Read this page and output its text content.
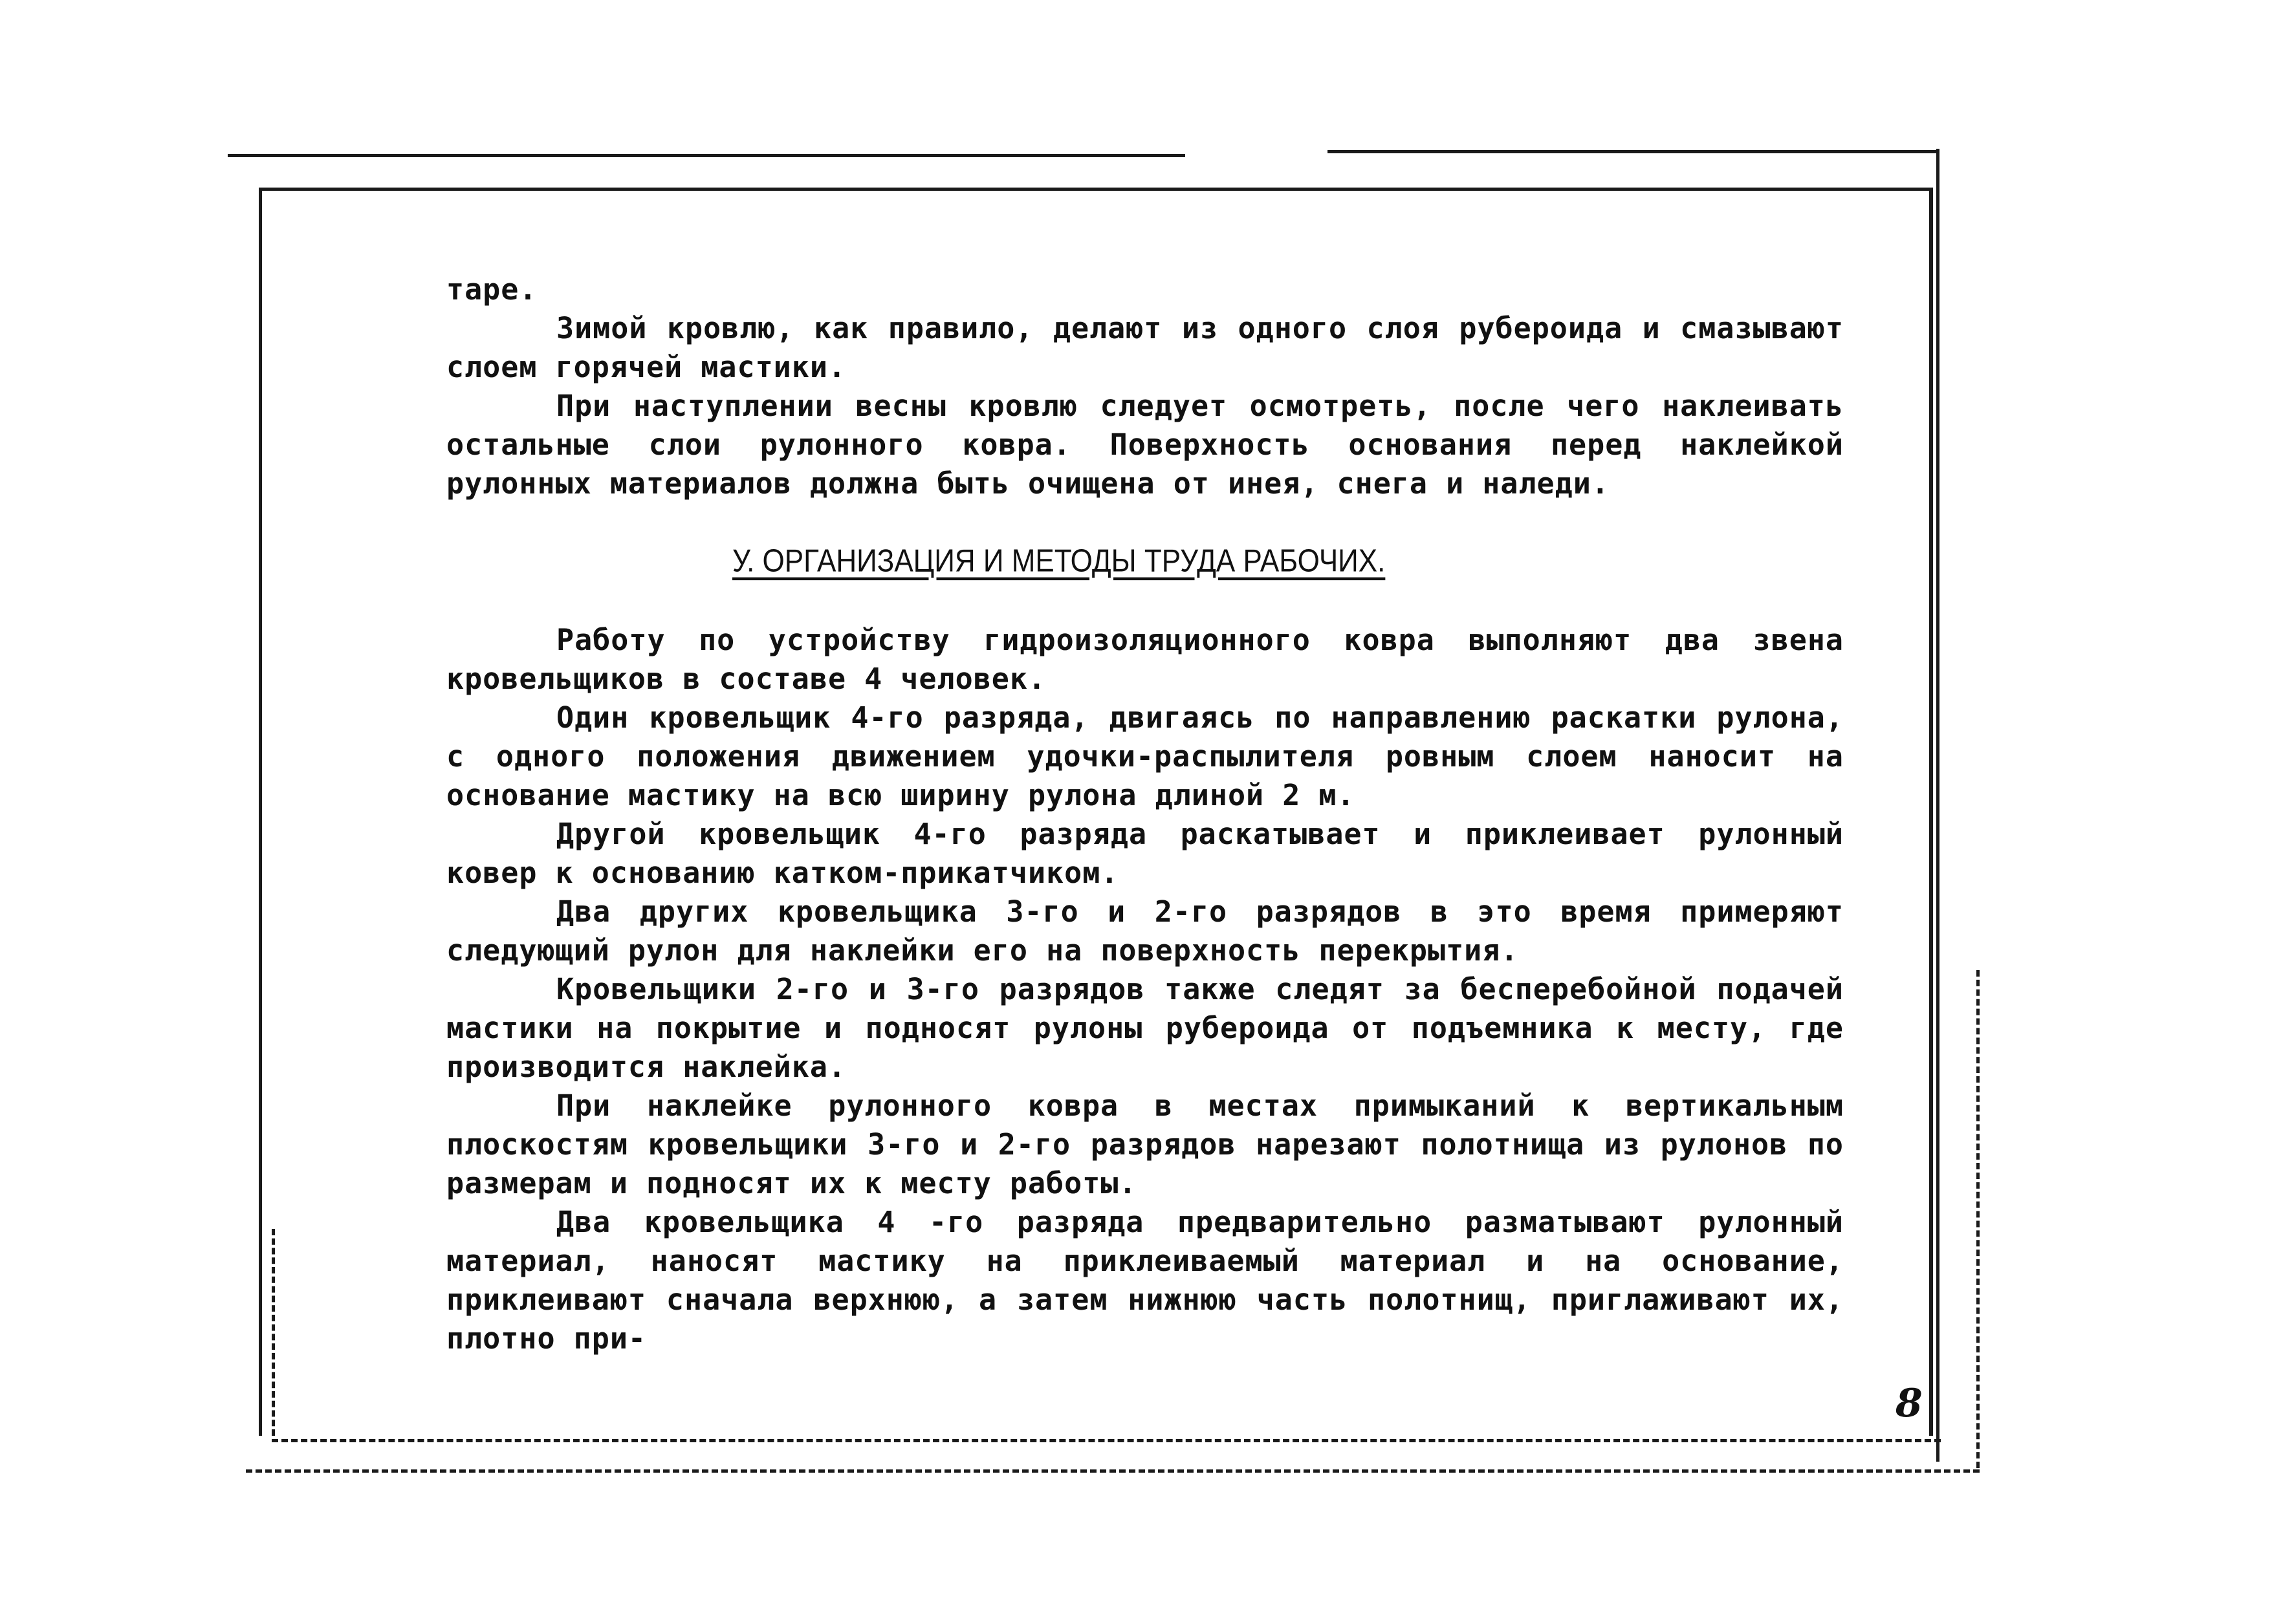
таре.

Зимой кровлю, как правило, делают из одного слоя рубероида и смазывают слоем горячей мастики.

При наступлении весны кровлю следует осмотреть, после чего наклеивать остальные слои рулонного ковра. Поверхность основания перед наклейкой рулонных материалов должна быть очищена от инея, снега и наледи.

У. ОРГАНИЗАЦИЯ И МЕТОДЫ ТРУДА РАБОЧИХ.

Работу по устройству гидроизоляционного ковра выполняют два звена кровельщиков в составе 4 человек.

Один кровельщик 4-го разряда, двигаясь по направлению раскатки рулона, с одного положения движением удочки-распылителя ровным слоем наносит на основание мастику на всю ширину рулона длиной 2 м.

Другой кровельщик 4-го разряда раскатывает и приклеивает рулонный ковер к основанию катком-прикатчиком.

Два других кровельщика 3-го и 2-го разрядов в это время примеряют следующий рулон для наклейки его на поверхность перекрытия.

Кровельщики 2-го и 3-го разрядов также следят за бесперебойной подачей мастики на покрытие и подносят рулоны рубероида от подъемника к месту, где производится наклейка.

При наклейке рулонного ковра в местах примыканий к вертикальным плоскостям кровельщики 3-го и 2-го разрядов нарезают полотнища из рулонов по размерам и подносят их к месту работы.

Два кровельщика 4 -го разряда предварительно разматывают рулонный материал, наносят мастику на приклеиваемый материал и на основание, приклеивают сначала верхнюю, а затем нижнюю часть полотнищ, приглаживают их, плотно при-

8
